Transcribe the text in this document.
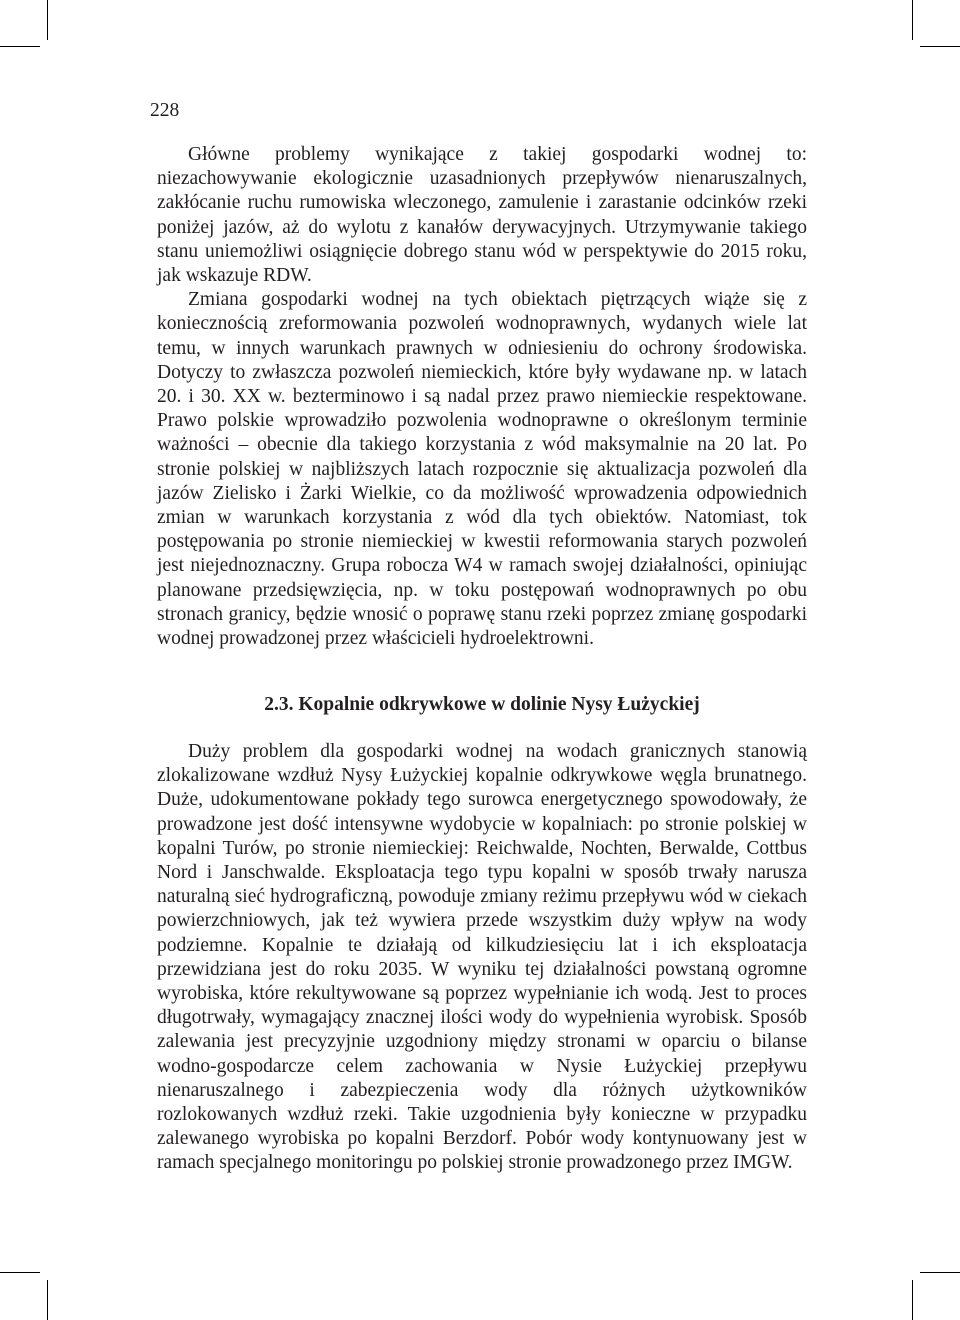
228

Główne problemy wynikające z takiej gospodarki wodnej to: niezachowywanie ekologicznie uzasadnionych przepływów nienaruszalnych, zakłócanie ruchu rumowiska wleczonego, zamulenie i zarastanie odcinków rzeki poniżej jazów, aż do wylotu z kanałów derywacyjnych. Utrzymywanie takiego stanu uniemożliwi osiągnięcie dobrego stanu wód w perspektywie do 2015 roku, jak wskazuje RDW.

Zmiana gospodarki wodnej na tych obiektach piętrzących wiąże się z koniecznością zreformowania pozwoleń wodnoprawnych, wydanych wiele lat temu, w innych warunkach prawnych w odniesieniu do ochrony środowiska. Dotyczy to zwłaszcza pozwoleń niemieckich, które były wydawane np. w latach 20. i 30. XX w. bezterminowo i są nadal przez prawo niemieckie respektowane. Prawo polskie wprowadziło pozwolenia wodnoprawne o określonym terminie ważności – obecnie dla takiego korzystania z wód maksymalnie na 20 lat. Po stronie polskiej w najbliższych latach rozpocznie się aktualizacja pozwoleń dla jazów Zielisko i Żarki Wielkie, co da możliwość wprowadzenia odpowiednich zmian w warunkach korzystania z wód dla tych obiektów. Natomiast, tok postępowania po stronie niemieckiej w kwestii reformowania starych pozwoleń jest niejednoznaczny. Grupa robocza W4 w ramach swojej działalności, opiniując planowane przedsięwzięcia, np. w toku postępowań wodnoprawnych po obu stronach granicy, będzie wnosić o poprawę stanu rzeki poprzez zmianę gospodarki wodnej prowadzonej przez właścicieli hydroelektrowni.

2.3. Kopalnie odkrywkowe w dolinie Nysy Łużyckiej

Duży problem dla gospodarki wodnej na wodach granicznych stanowią zlokalizowane wzdłuż Nysy Łużyckiej kopalnie odkrywkowe węgla brunatnego. Duże, udokumentowane pokłady tego surowca energetycznego spowodowały, że prowadzone jest dość intensywne wydobycie w kopalniach: po stronie polskiej w kopalni Turów, po stronie niemieckiej: Reichwalde, Nochten, Berwalde, Cottbus Nord i Janschwalde. Eksploatacja tego typu kopalni w sposób trwały narusza naturalną sieć hydrograficzną, powoduje zmiany reżimu przepływu wód w ciekach powierzchniowych, jak też wywiera przede wszystkim duży wpływ na wody podziemne. Kopalnie te działają od kilkudziesięciu lat i ich eksploatacja przewidziana jest do roku 2035. W wyniku tej działalności powstaną ogromne wyrobiska, które rekultywowane są poprzez wypełnianie ich wodą. Jest to proces długotrwały, wymagający znacznej ilości wody do wypełnienia wyrobisk. Sposób zalewania jest precyzyjnie uzgodniony między stronami w oparciu o bilanse wodno-gospodarcze celem zachowania w Nysie Łużyckiej przepływu nienaruszalnego i zabezpieczenia wody dla różnych użytkowników rozlokowanych wzdłuż rzeki. Takie uzgodnienia były konieczne w przypadku zalewanego wyrobiska po kopalni Berzdorf. Pobór wody kontynuowany jest w ramach specjalnego monitoringu po polskiej stronie prowadzonego przez IMGW.
